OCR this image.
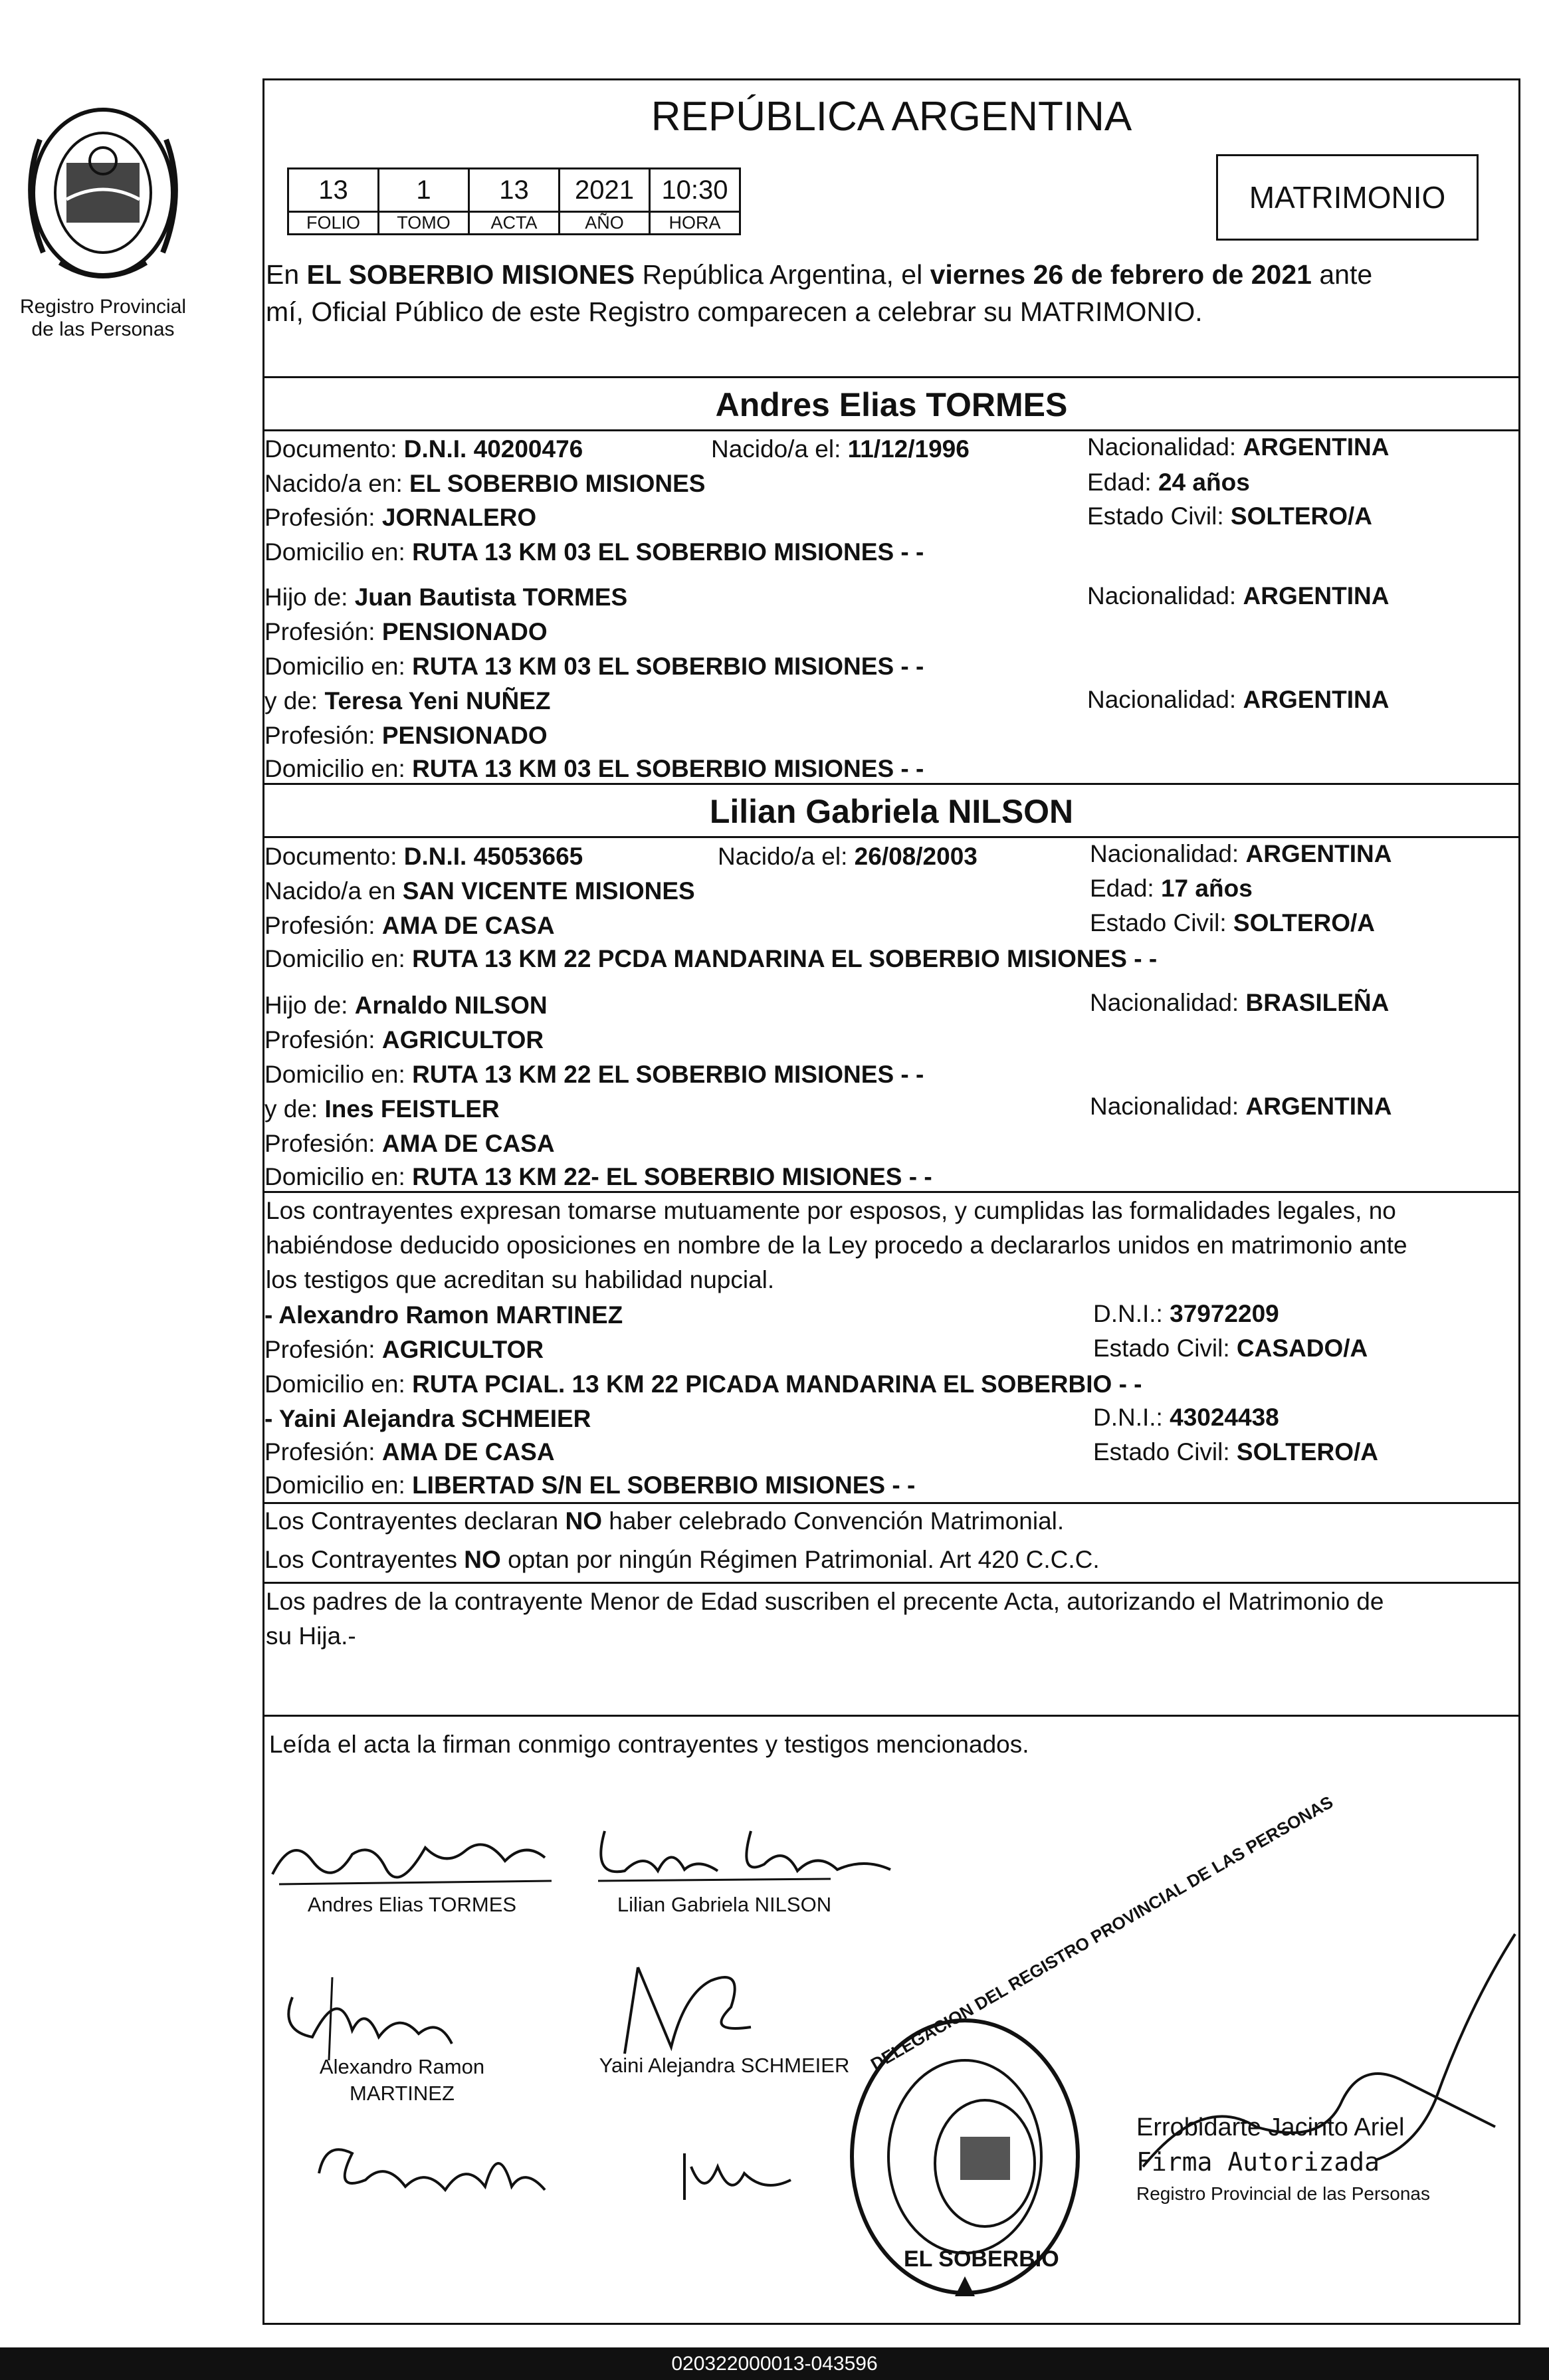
Registro Provincial
de las Personas
REPÚBLICA ARGENTINA
13	1	13	2021	10:30
FOLIO	TOMO	ACTA	AÑO	HORA
MATRIMONIO
En EL SOBERBIO MISIONES República Argentina, el viernes 26 de febrero de 2021 ante
mí, Oficial Público de este Registro comparecen a celebrar su MATRIMONIO.
Andres Elias TORMES
Documento: D.N.I. 40200476	Nacido/a el: 11/12/1996	Nacionalidad: ARGENTINA
Nacido/a en: EL SOBERBIO MISIONES	Edad: 24 años
Profesión: JORNALERO	Estado Civil: SOLTERO/A
Domicilio en: RUTA 13 KM 03 EL SOBERBIO MISIONES - -
Hijo de: Juan Bautista TORMES	Nacionalidad: ARGENTINA
Profesión: PENSIONADO
Domicilio en: RUTA 13 KM 03 EL SOBERBIO MISIONES - -
y de: Teresa Yeni NUÑEZ	Nacionalidad: ARGENTINA
Profesión: PENSIONADO
Domicilio en: RUTA 13 KM 03 EL SOBERBIO MISIONES - -
Lilian Gabriela NILSON
Documento: D.N.I. 45053665	Nacido/a el: 26/08/2003	Nacionalidad: ARGENTINA
Nacido/a en SAN VICENTE MISIONES	Edad: 17 años
Profesión: AMA DE CASA	Estado Civil: SOLTERO/A
Domicilio en: RUTA 13 KM 22 PCDA MANDARINA EL SOBERBIO MISIONES - -
Hijo de: Arnaldo NILSON	Nacionalidad: BRASILEÑA
Profesión: AGRICULTOR
Domicilio en: RUTA 13 KM 22 EL SOBERBIO MISIONES - -
y de: Ines FEISTLER	Nacionalidad: ARGENTINA
Profesión: AMA DE CASA
Domicilio en: RUTA 13 KM 22- EL SOBERBIO MISIONES - -
Los contrayentes expresan tomarse mutuamente por esposos, y cumplidas las formalidades legales, no
habiéndose deducido oposiciones en nombre de la Ley procedo a declararlos unidos en matrimonio ante
los testigos que acreditan su habilidad nupcial.
- Alexandro Ramon MARTINEZ	D.N.I.: 37972209
Profesión: AGRICULTOR	Estado Civil: CASADO/A
Domicilio en: RUTA PCIAL. 13 KM 22 PICADA MANDARINA EL SOBERBIO - -
- Yaini Alejandra SCHMEIER	D.N.I.: 43024438
Profesión: AMA DE CASA	Estado Civil: SOLTERO/A
Domicilio en: LIBERTAD S/N EL SOBERBIO MISIONES - -
Los Contrayentes declaran NO haber celebrado Convención Matrimonial.
Los Contrayentes NO optan por ningún Régimen Patrimonial. Art 420 C.C.C.
Los padres de la contrayente Menor de Edad suscriben el precente Acta, autorizando el Matrimonio de
su Hija.-
Leída el acta la firman conmigo contrayentes y testigos mencionados.
Andres Elias TORMES	Lilian Gabriela NILSON
Alexandro Ramon
MARTINEZ
Yaini Alejandra SCHMEIER	DELEGACION DEL REGISTRO PROVINCIAL DE LAS PERSONAS
EL SOBERBIO
Errobidarte Jacinto Ariel
Firma Autorizada
Registro Provincial de las Personas
020322000013-043596
